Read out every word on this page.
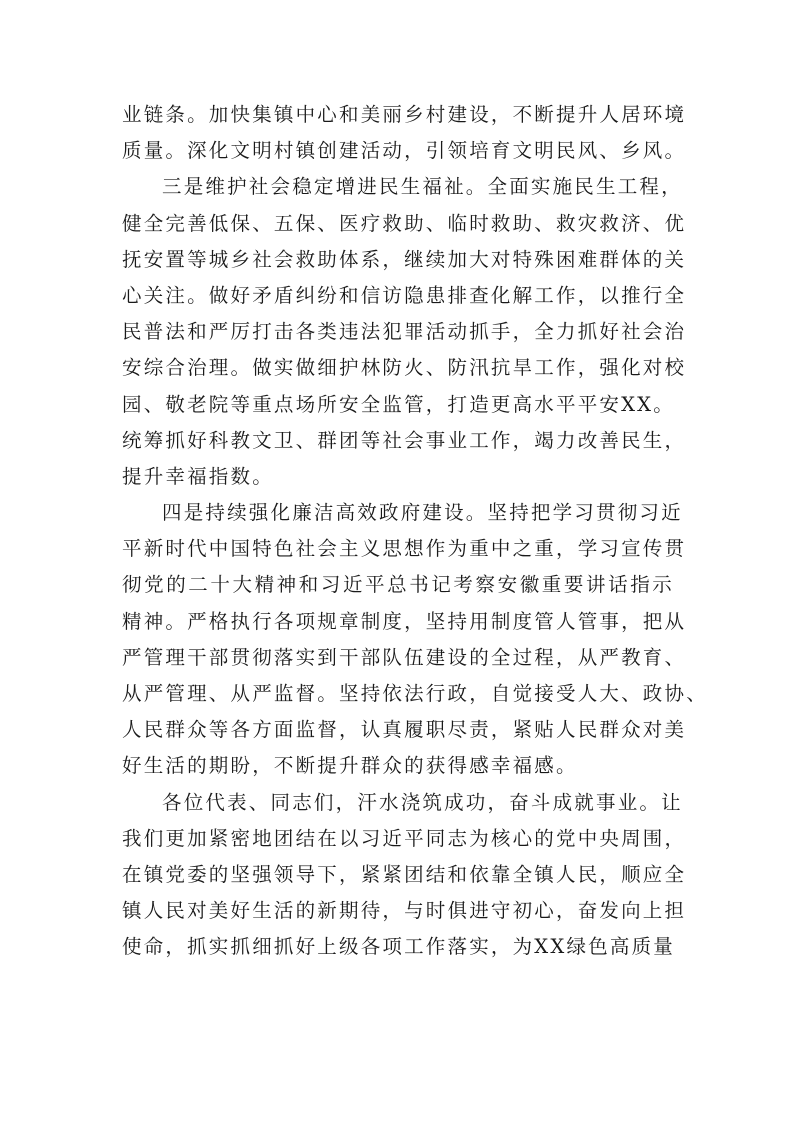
业链条。加快集镇中心和美丽乡村建设，不断提升人居环境
质量。深化文明村镇创建活动，引领培育文明民风、乡风。
三是维护社会稳定增进民生福祉。全面实施民生工程，
健全完善低保、五保、医疗救助、临时救助、救灾救济、优
抚安置等城乡社会救助体系，继续加大对特殊困难群体的关
心关注。做好矛盾纠纷和信访隐患排查化解工作，以推行全
民普法和严厉打击各类违法犯罪活动抓手，全力抓好社会治
安综合治理。做实做细护林防火、防汛抗旱工作，强化对校
园、敬老院等重点场所安全监管，打造更高水平平安XX。
统筹抓好科教文卫、群团等社会事业工作，竭力改善民生，
提升幸福指数。
四是持续强化廉洁高效政府建设。坚持把学习贯彻习近
平新时代中国特色社会主义思想作为重中之重，学习宣传贯
彻党的二十大精神和习近平总书记考察安徽重要讲话指示
精神。严格执行各项规章制度，坚持用制度管人管事，把从
严管理干部贯彻落实到干部队伍建设的全过程，从严教育、
从严管理、从严监督。坚持依法行政，自觉接受人大、政协、
人民群众等各方面监督，认真履职尽责，紧贴人民群众对美
好生活的期盼，不断提升群众的获得感幸福感。
各位代表、同志们，汗水浇筑成功，奋斗成就事业。让
我们更加紧密地团结在以习近平同志为核心的党中央周围，
在镇党委的坚强领导下，紧紧团结和依靠全镇人民，顺应全
镇人民对美好生活的新期待，与时俱进守初心，奋发向上担
使命，抓实抓细抓好上级各项工作落实，为XX绿色高质量
